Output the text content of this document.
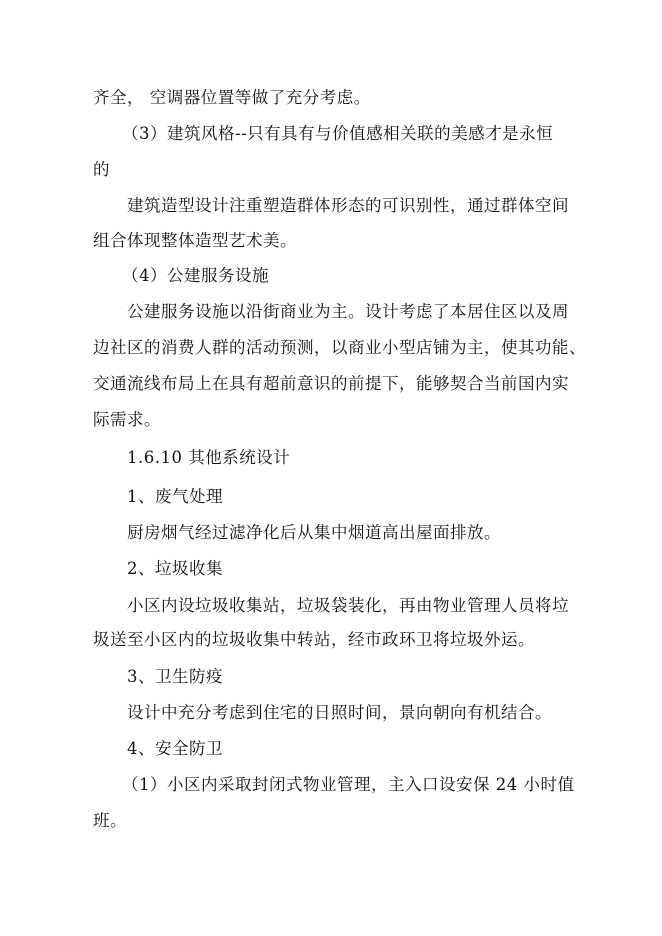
齐全， 空调器位置等做了充分考虑。
（3）建筑风格--只有具有与价值感相关联的美感才是永恒
的
建筑造型设计注重塑造群体形态的可识别性，通过群体空间
组合体现整体造型艺术美。
（4）公建服务设施
公建服务设施以沿街商业为主。设计考虑了本居住区以及周
边社区的消费人群的活动预测，以商业小型店铺为主，使其功能、
交通流线布局上在具有超前意识的前提下，能够契合当前国内实
际需求。
1.6.10 其他系统设计
1、废气处理
厨房烟气经过滤净化后从集中烟道高出屋面排放。
2、垃圾收集
小区内设垃圾收集站，垃圾袋装化，再由物业管理人员将垃
圾送至小区内的垃圾收集中转站，经市政环卫将垃圾外运。
3、卫生防疫
设计中充分考虑到住宅的日照时间，景向朝向有机结合。
4、安全防卫
（1）小区内采取封闭式物业管理，主入口设安保 24 小时值
班。
